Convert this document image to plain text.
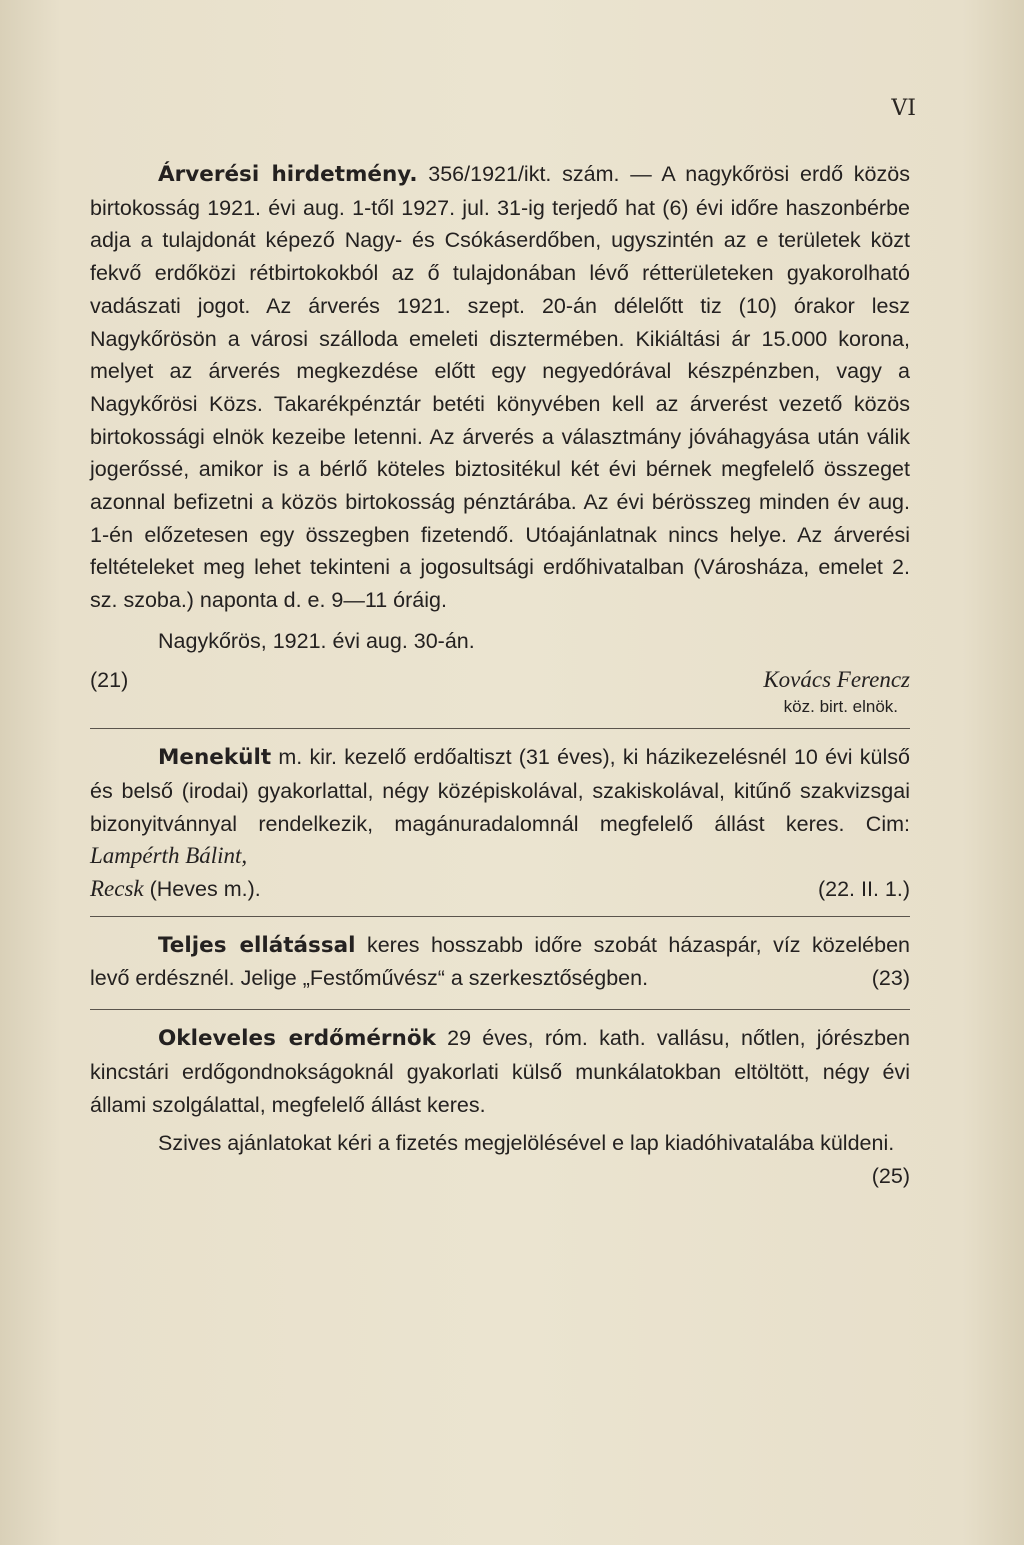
VI

Árverési hirdetmény. 356/1921/ikt. szám. — A nagykőrösi erdő közös birtokosság 1921. évi aug. 1-től 1927. jul. 31-ig terjedő hat (6) évi időre haszonbérbe adja a tulajdonát képező Nagy- és Csókáserdőben, ugyszintén az e területek közt fekvő erdőközi rétbirtokokból az ő tulajdonában lévő rétterületeken gyakorolható vadászati jogot. Az árverés 1921. szept. 20-án délelőtt tiz (10) órakor lesz Nagykőrösön a városi szálloda emeleti disztermében. Kikiáltási ár 15.000 korona, melyet az árverés megkezdése előtt egy negyedórával készpénzben, vagy a Nagykőrösi Közs. Takarékpénztár betéti könyvében kell az árverést vezető közös birtokossági elnök kezeibe letenni. Az árverés a választmány jóváhagyása után válik jogerőssé, amikor is a bérlő köteles biztositékul két évi bérnek megfelelő összeget azonnal befizetni a közös birtokosság pénztárába. Az évi bérösszeg minden év aug. 1-én előzetesen egy összegben fizetendő. Utóajánlatnak nincs helye. Az árverési feltételeket meg lehet tekinteni a jogosultsági erdőhivatalban (Városháza, emelet 2. sz. szoba.) naponta d. e. 9—11 óráig.

Nagykőrös, 1921. évi aug. 30-án.

(21)	Kovács Ferencz
köz. birt. elnök.

Menekült m. kir. kezelő erdőaltiszt (31 éves), ki házikezelésnél 10 évi külső és belső (irodai) gyakorlattal, négy középiskolával, szakiskolával, kitűnő szakvizsgai bizonyitvánnyal rendelkezik, magánuradalomnál megfelelő állást keres. Cim: Lampérth Bálint,

Recsk (Heves m.).	(22. II. 1.)

Teljes ellátással keres hosszabb időre szobát házaspár, víz közelében levő erdésznél. Jelige „Festőművész“ a szerkesztőségben.	(23)

Okleveles erdőmérnök 29 éves, róm. kath. vallásu, nőtlen, jórészben kincstári erdőgondnokságoknál gyakorlati külső munkálatokban eltöltött, négy évi állami szolgálattal, megfelelő állást keres.

Szives ajánlatokat kéri a fizetés megjelölésével e lap kiadóhivatalába küldeni.
(25)
